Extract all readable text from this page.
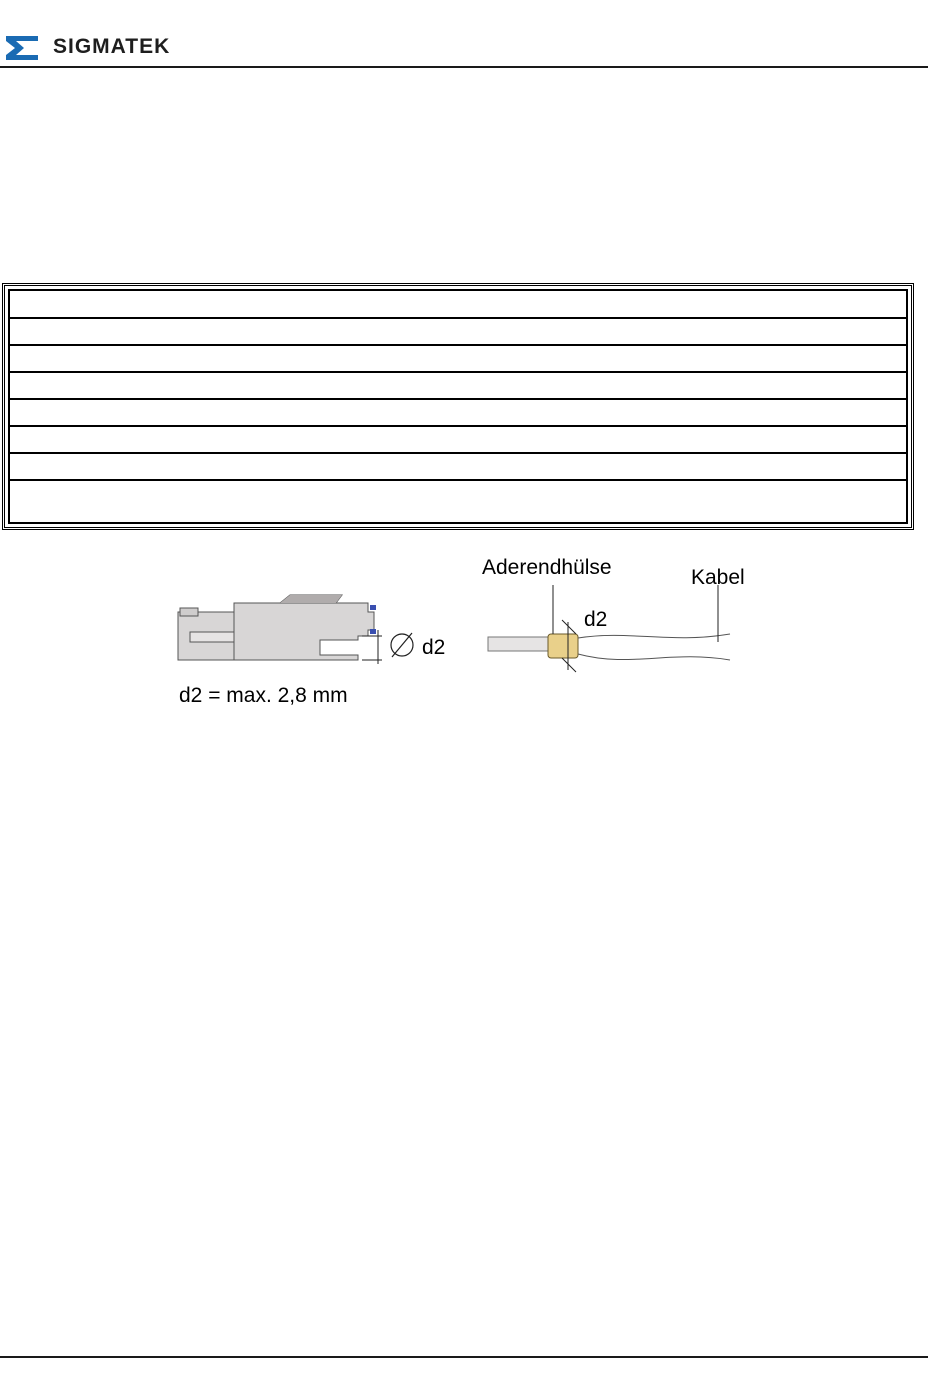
SIGMATEK
d2
d2 = max. 2,8 mm
Aderendhülse
d2
Kabel
